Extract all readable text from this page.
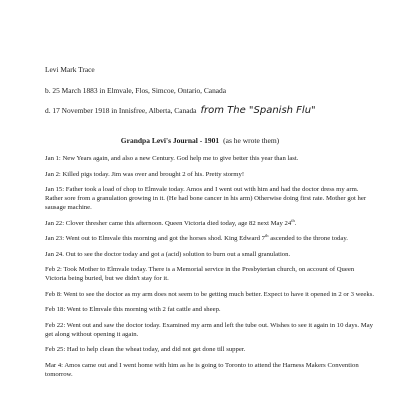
Levi Mark Trace
b. 25 March 1883 in Elmvale, Flos, Simcoe, Ontario, Canada
d. 17 November 1918 in Innisfree, Alberta, Canada from The "Spanish Flu"
Grandpa Levi's Journal - 1901 (as he wrote them)

Jan 1: New Years again, and also a new Century. God help me to give better this year than last.

Jan 2: Killed pigs today. Jim was over and brought 2 of his. Pretty stormy!

Jan 15: Father took a load of chop to Elmvale today. Amos and I went out with him and had the doctor dress my arm. Rather sore from a granulation growing in it. (He had bone cancer in his arm) Otherwise doing first rate. Mother got her sausage machine.

Jan 22: Clover thresher came this afternoon. Queen Victoria died today, age 82 next May 24th.

Jan 23: Went out to Elmvale this morning and got the horses shod. King Edward 7th ascended to the throne today.

Jan 24. Out to see the doctor today and got a (acid) solution to burn out a small granulation.

Feb 2: Took Mother to Elmvale today. There is a Memorial service in the Presbyterian church, on account of Queen Victoria being buried, but we didn't stay for it.

Feb 8: Went to see the doctor as my arm does not seem to be getting much better. Expect to have it opened in 2 or 3 weeks.

Feb 18: Went to Elmvale this morning with 2 fat cattle and sheep.

Feb 22: Went out and saw the doctor today. Examined my arm and left the tube out. Wishes to see it again in 10 days. May get along without opening it again.

Feb 25: Had to help clean the wheat today, and did not get done till supper.

Mar 4: Amos came out and I went home with him as he is going to Toronto to attend the Harness Makers Convention tomorrow.
